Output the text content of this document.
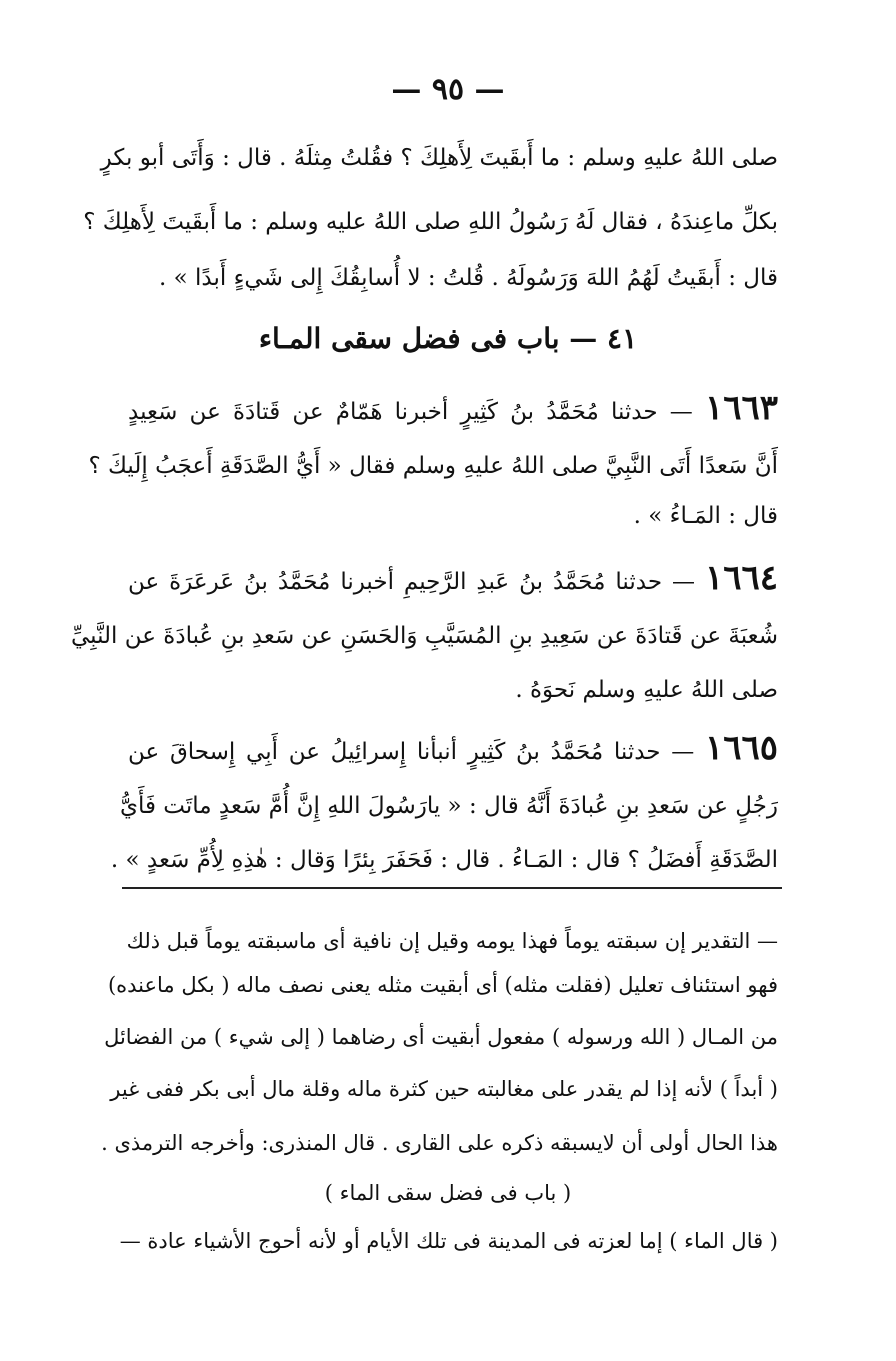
— ٩٥ —
صلى اللهُ عليهِ وسلم : ما أَبقَيتَ لِأَهلِكَ ؟ فقُلتُ مِثلَهُ . قال : وَأَتَى أبو بكرٍ
بكلِّ ماعِندَهُ ، فقال لَهُ رَسُولُ اللهِ صلى اللهُ عليه وسلم : ما أَبقَيتَ لِأَهلِكَ ؟
قال : أَبقَيتُ لَهُمُ اللهَ وَرَسُولَهُ . قُلتُ : لا أُسابِقُكَ إِلى شَيءٍ أَبدًا » .
٤١ — باب فى فضل سقى المـاء
١٦٦٣ — حدثنا مُحَمَّدُ بنُ كَثِيرٍ أخبرنا هَمّامٌ عن قَتادَةَ عن سَعِيدٍ
أَنَّ سَعدًا أَتَى النَّبِيَّ صلى اللهُ عليهِ وسلم فقال « أَيُّ الصَّدَقَةِ أَعجَبُ إِلَيكَ ؟
قال : المَـاءُ » .
١٦٦٤ — حدثنا مُحَمَّدُ بنُ عَبدِ الرَّحِيمِ أخبرنا مُحَمَّدُ بنُ عَرعَرَةَ عن
شُعبَةَ عن قَتادَةَ عن سَعِيدِ بنِ المُسَيَّبِ وَالحَسَنِ عن سَعدِ بنِ عُبادَةَ عن النَّبِيِّ
صلى اللهُ عليهِ وسلم نَحوَهُ .
١٦٦٥ — حدثنا مُحَمَّدُ بنُ كَثِيرٍ أنبأنا إِسرائِيلُ عن أَبِي إِسحاقَ عن
رَجُلٍ عن سَعدِ بنِ عُبادَةَ أَنَّهُ قال : « يارَسُولَ اللهِ إِنَّ أُمَّ سَعدٍ ماتَت فَأَيُّ
الصَّدَقَةِ أَفضَلُ ؟ قال : المَـاءُ . قال : فَحَفَرَ بِئرًا وَقال : هٰذِهِ لِأُمِّ سَعدٍ » .
— التقدير إن سبقته يوماً فهذا يومه وقيل إن نافية أى ماسبقته يوماً قبل ذلك
فهو استئناف تعليل (فقلت مثله) أى أبقيت مثله يعنى نصف ماله ( بكل ماعنده)
من المـال ( الله ورسوله ) مفعول أبقيت أى رضاهما ( إلى شيء ) من الفضائل
( أبداً ) لأنه إذا لم يقدر على مغالبته حين كثرة ماله وقلة مال أبى بكر ففى غير
هذا الحال أولى أن لايسبقه ذكره على القارى . قال المنذرى: وأخرجه الترمذى .
( باب فى فضل سقى الماء )
( قال الماء ) إما لعزته فى المدينة فى تلك الأيام أو لأنه أحوج الأشياء عادة —
